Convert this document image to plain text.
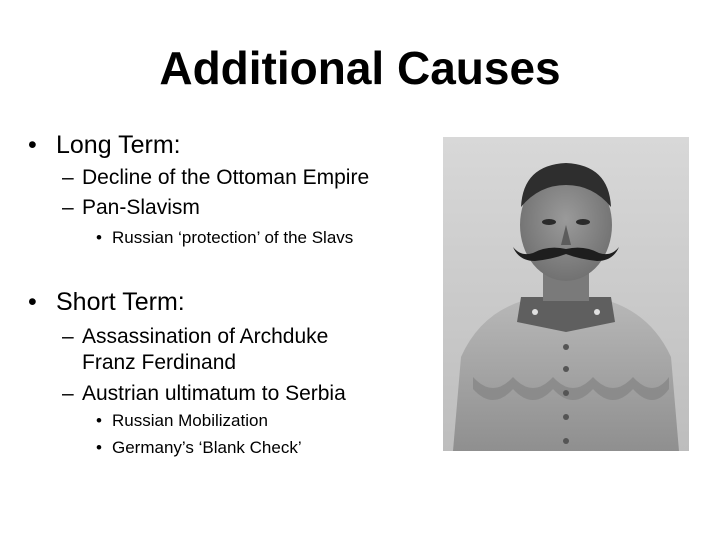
Additional Causes
• Long Term:
– Decline of the Ottoman Empire
– Pan-Slavism
• Russian ‘protection’ of the Slavs
• Short Term:
– Assassination of Archduke Franz Ferdinand
– Austrian ultimatum to Serbia
• Russian Mobilization
• Germany’s ‘Blank Check’
